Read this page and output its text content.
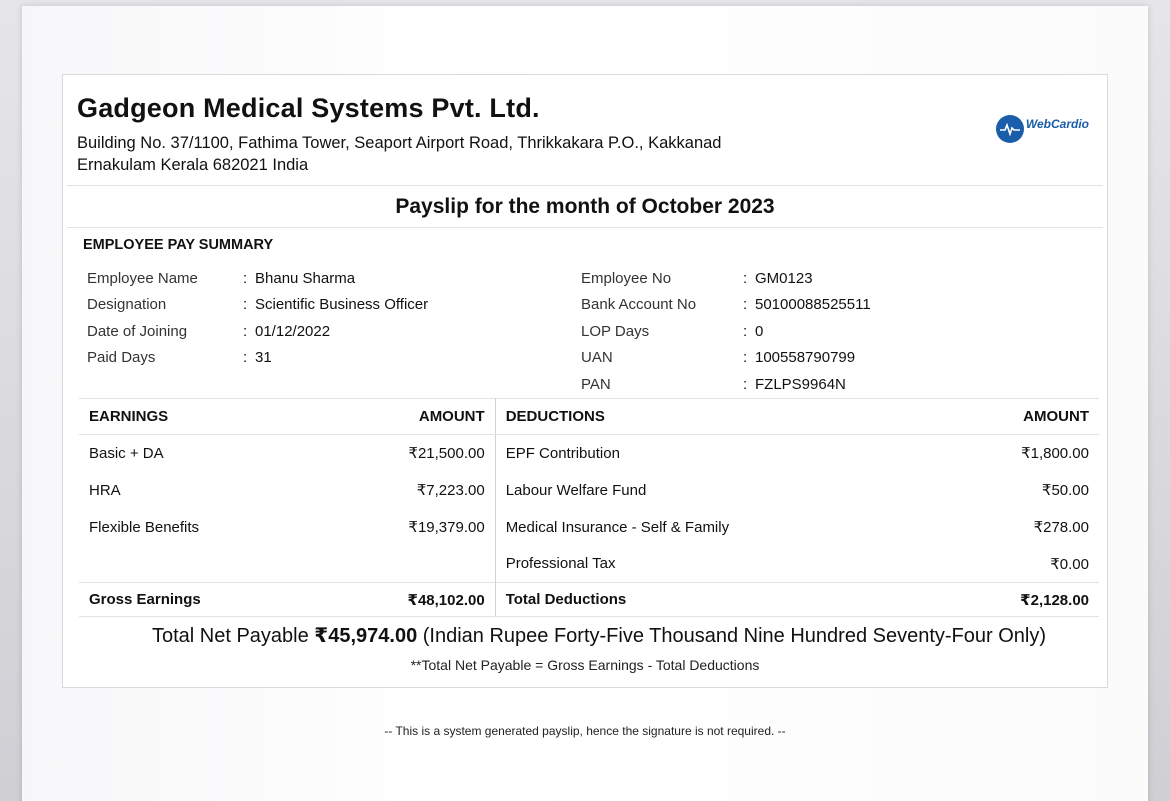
Gadgeon Medical Systems Pvt. Ltd.
Building No. 37/1100, Fathima Tower, Seaport Airport Road, Thrikkakara P.O., Kakkanad
Ernakulam Kerala 682021 India
WebCardio

Payslip for the month of October 2023
EMPLOYEE PAY SUMMARY
Employee Name	: Bhanu Sharma
Designation	: Scientific Business Officer
Date of Joining	: 01/12/2022
Paid Days	: 31
Employee No	: GM0123
Bank Account No	: 50100088525511
LOP Days	: 0
UAN	: 100558790799
PAN	: FZLPS9964N
EARNINGS	AMOUNT	DEDUCTIONS	AMOUNT
Basic + DA	₹21,500.00	EPF Contribution	₹1,800.00
HRA	₹7,223.00	Labour Welfare Fund	₹50.00
Flexible Benefits	₹19,379.00	Medical Insurance - Self & Family	₹278.00
		Professional Tax	₹0.00
Gross Earnings	₹48,102.00	Total Deductions	₹2,128.00
Total Net Payable ₹45,974.00 (Indian Rupee Forty-Five Thousand Nine Hundred Seventy-Four Only)
**Total Net Payable = Gross Earnings - Total Deductions
-- This is a system generated payslip, hence the signature is not required. --
